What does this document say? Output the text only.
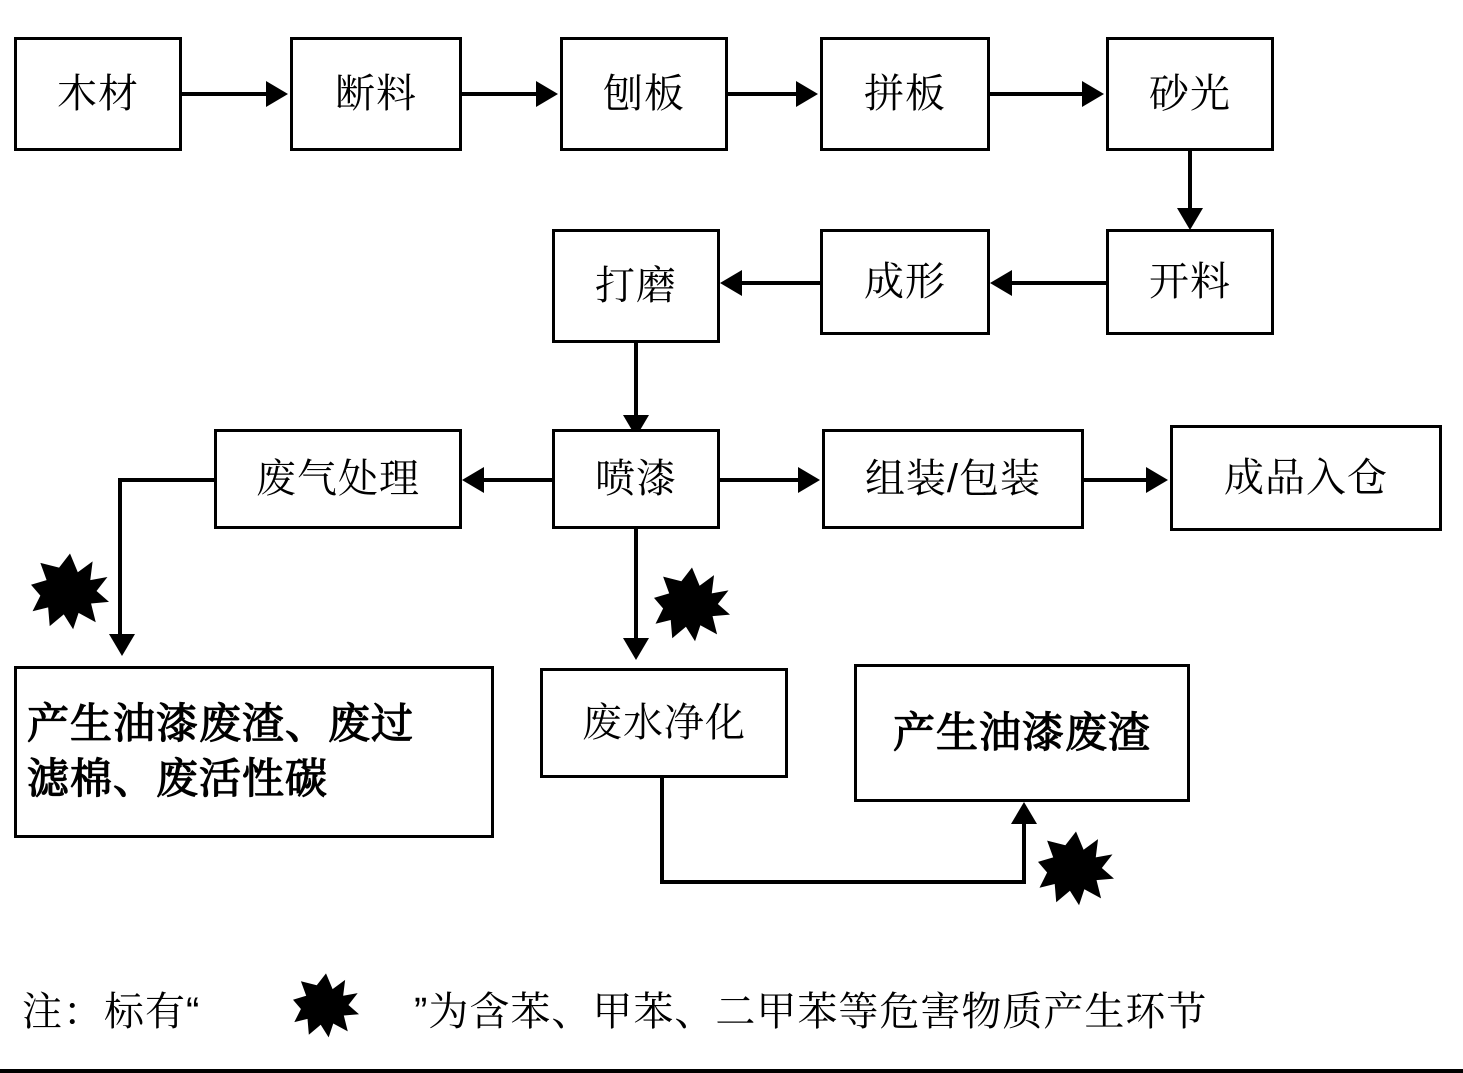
木材	断料	刨板	拼板	砂光
开料
成形
打磨
废气处理	喷漆	组装/包装	成品入仓
产生油漆废渣、废过
滤棉、废活性碳
废水净化	产生油漆废渣
注：标有“	”为含苯、甲苯、二甲苯等危害物质产生环节
